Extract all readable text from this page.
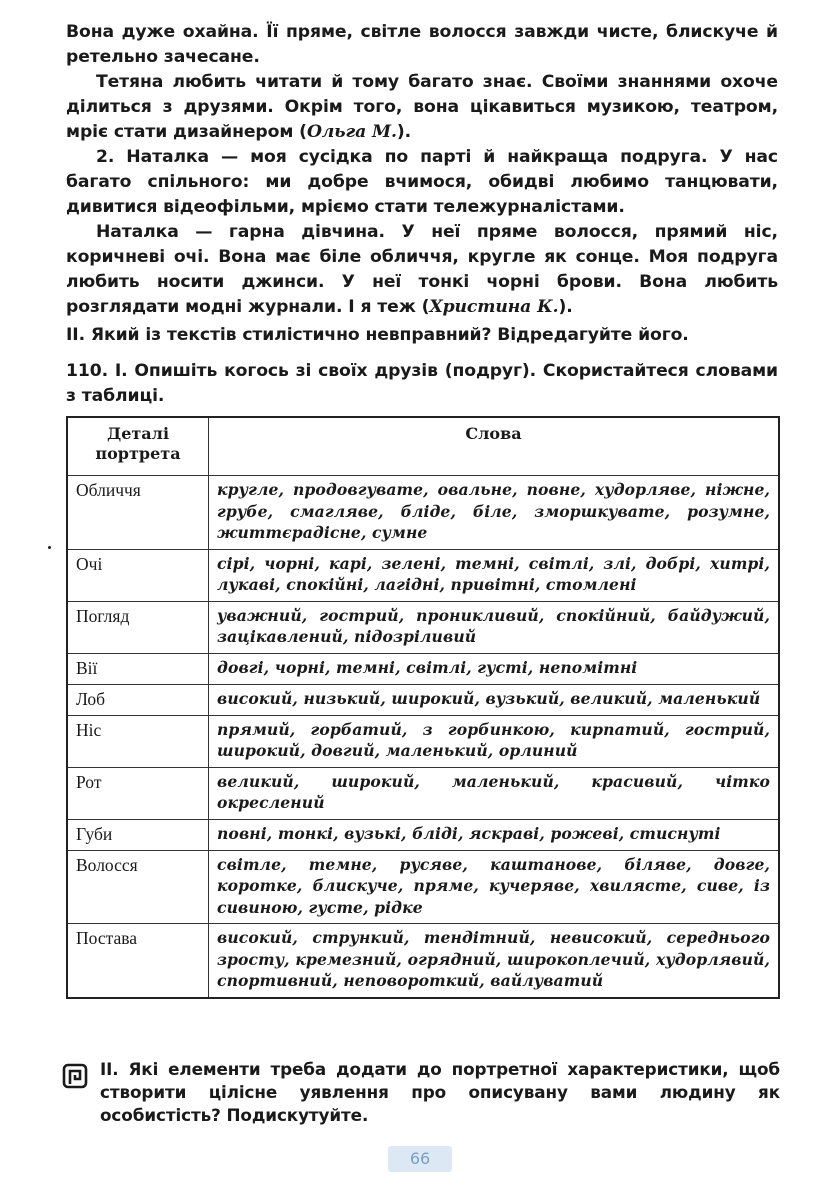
Вона дуже охайна. Її пряме, світле волосся завжди чисте, блискуче й ретельно зачесане.

Тетяна любить читати й тому багато знає. Своїми знаннями охоче ділиться з друзями. Окрім того, вона цікавиться музикою, театром, мріє стати дизайнером (Ольга М.).

2. Наталка — моя сусідка по парті й найкраща подруга. У нас багато спільного: ми добре вчимося, обидві любимо танцювати, дивитися відеофільми, мріємо стати тележурналістами.

Наталка — гарна дівчина. У неї пряме волосся, прямий ніс, коричневі очі. Вона має біле обличчя, кругле як сонце. Моя подруга любить носити джинси. У неї тонкі чорні брови. Вона любить розглядати модні журнали. І я теж (Христина К.).

II. Який із текстів стилістично невправний? Відредагуйте його.

110. I. Опишіть когось зі своїх друзів (подруг). Скористайтеся словами з таблиці.

Деталі портрета	Слова
Обличчя	кругле, продовгувате, овальне, повне, худорляве, ніжне, грубе, смагляве, бліде, біле, зморшкувате, розумне, життєрадісне, сумне
Очі	сірі, чорні, карі, зелені, темні, світлі, злі, добрі, хитрі, лукаві, спокійні, лагідні, привітні, стомлені
Погляд	уважний, гострий, проникливий, спокійний, байдужий, зацікавлений, підозріливий
Вії	довгі, чорні, темні, світлі, густі, непомітні
Лоб	високий, низький, широкий, вузький, великий, маленький
Ніс	прямий, горбатий, з горбинкою, кирпатий, гострий, широкий, довгий, маленький, орлиний
Рот	великий, широкий, маленький, красивий, чітко окреслений
Губи	повні, тонкі, вузькі, бліді, яскраві, рожеві, стиснуті
Волосся	світле, темне, русяве, каштанове, біляве, довге, коротке, блискуче, пряме, кучеряве, хвилясте, сиве, із сивиною, густе, рідке
Постава	високий, стрункий, тендітний, невисокий, середнього зросту, кремезний, огрядний, широкоплечий, худорлявий, спортивний, неповороткий, вайлуватий

II. Які елементи треба додати до портретної характеристики, щоб створити цілісне уявлення про описувану вами людину як особистість? Подискутуйте.

66
